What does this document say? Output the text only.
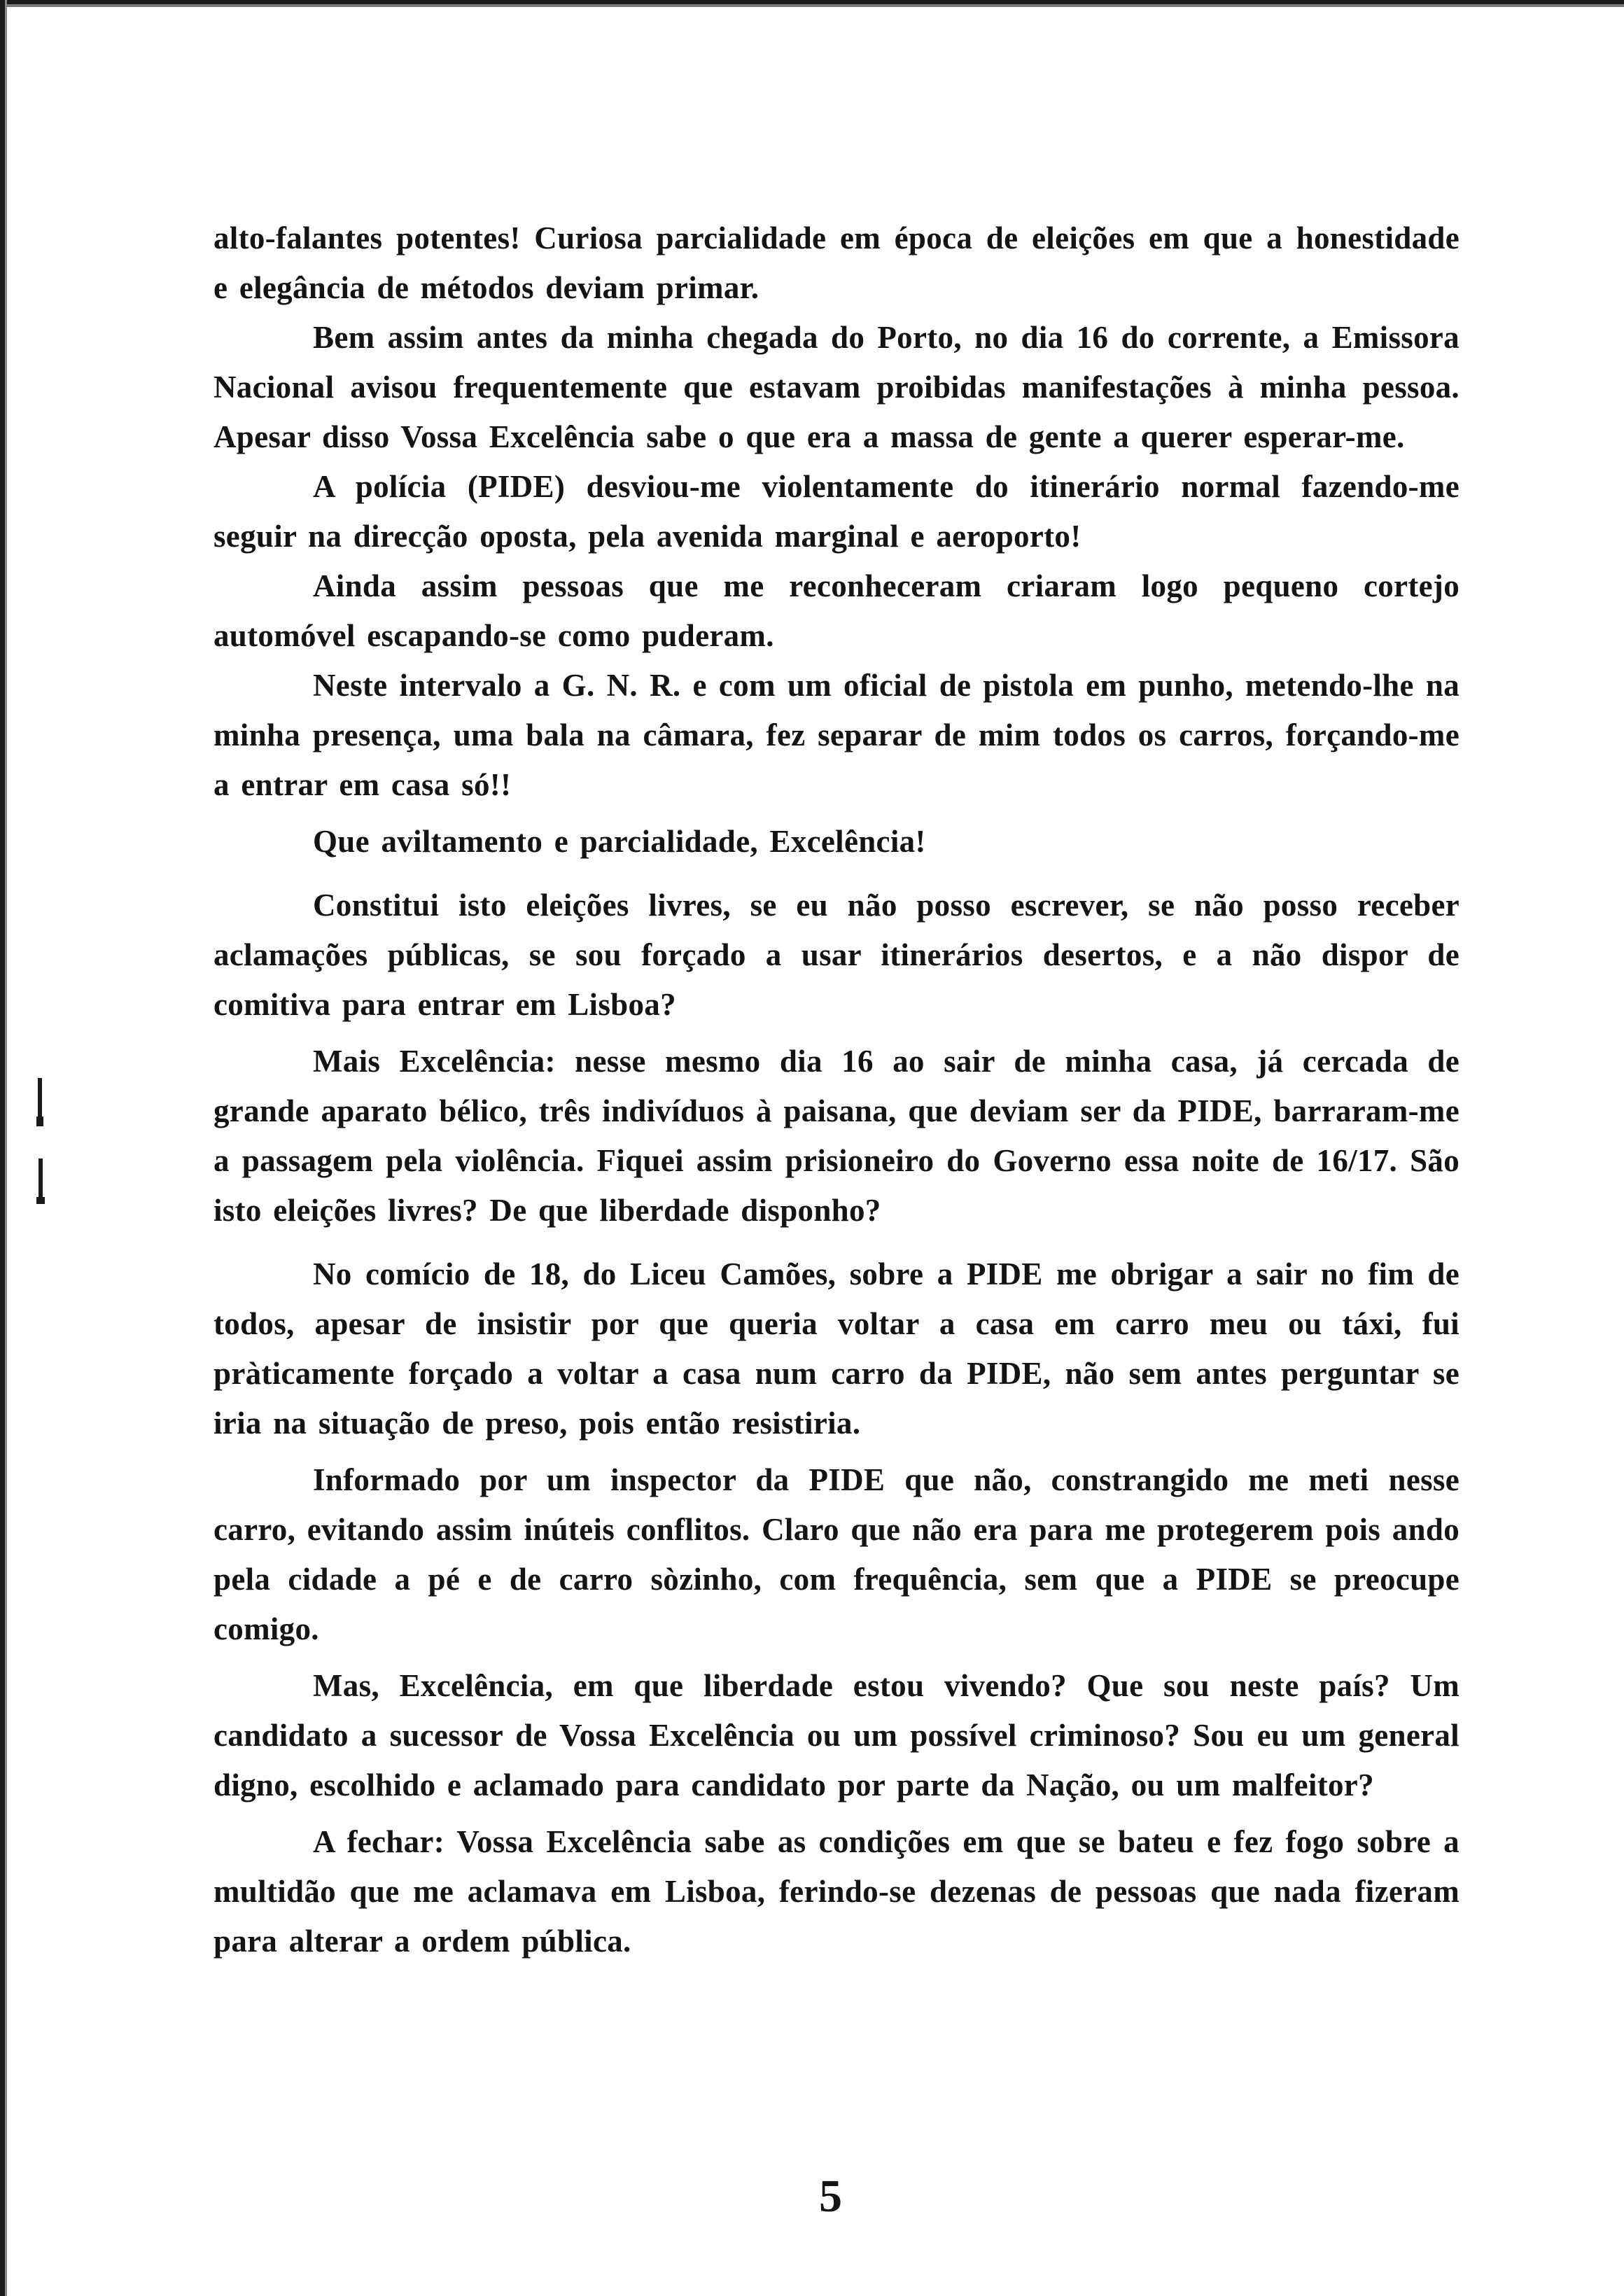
alto-falantes potentes! Curiosa parcialidade em época de eleições em que a honestidade e elegância de métodos deviam primar.

Bem assim antes da minha chegada do Porto, no dia 16 do corrente, a Emissora Nacional avisou frequentemente que estavam proibidas manifestações à minha pessoa. Apesar disso Vossa Excelência sabe o que era a massa de gente a querer esperar-me.

A polícia (PIDE) desviou-me violentamente do itinerário normal fazendo-me seguir na direcção oposta, pela avenida marginal e aeroporto!

Ainda assim pessoas que me reconheceram criaram logo pequeno cortejo automóvel escapando-se como puderam.

Neste intervalo a G. N. R. e com um oficial de pistola em punho, metendo-lhe na minha presença, uma bala na câmara, fez separar de mim todos os carros, forçando-me a entrar em casa só!!

Que aviltamento e parcialidade, Excelência!

Constitui isto eleições livres, se eu não posso escrever, se não posso receber aclamações públicas, se sou forçado a usar itinerários desertos, e a não dispor de comitiva para entrar em Lisboa?

Mais Excelência: nesse mesmo dia 16 ao sair de minha casa, já cercada de grande aparato bélico, três indivíduos à paisana, que deviam ser da PIDE, barraram-me a passagem pela violência. Fiquei assim prisioneiro do Governo essa noite de 16/17. São isto eleições livres? De que liberdade disponho?

No comício de 18, do Liceu Camões, sobre a PIDE me obrigar a sair no fim de todos, apesar de insistir por que queria voltar a casa em carro meu ou táxi, fui pràticamente forçado a voltar a casa num carro da PIDE, não sem antes perguntar se iria na situação de preso, pois então resistiria.

Informado por um inspector da PIDE que não, constrangido me meti nesse carro, evitando assim inúteis conflitos. Claro que não era para me protegerem pois ando pela cidade a pé e de carro sòzinho, com frequência, sem que a PIDE se preocupe comigo.

Mas, Excelência, em que liberdade estou vivendo? Que sou neste país? Um candidato a sucessor de Vossa Excelência ou um possível criminoso? Sou eu um general digno, escolhido e aclamado para candidato por parte da Nação, ou um malfeitor?

A fechar: Vossa Excelência sabe as condições em que se bateu e fez fogo sobre a multidão que me aclamava em Lisboa, ferindo-se dezenas de pessoas que nada fizeram para alterar a ordem pública.

5
